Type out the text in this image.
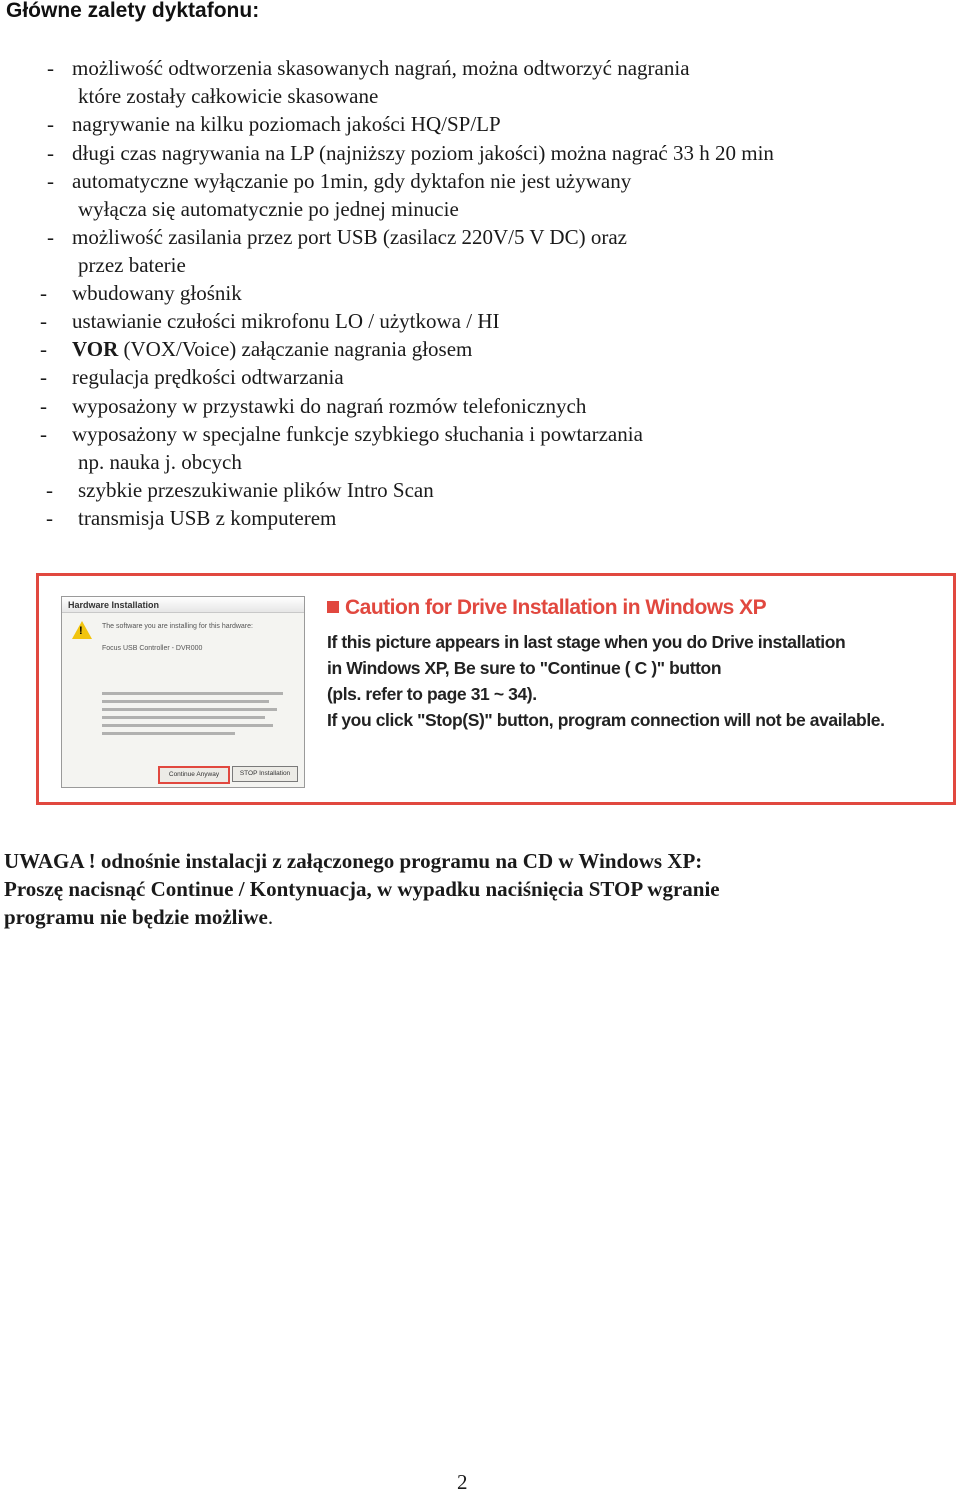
Główne zalety dyktafonu:
- możliwość odtworzenia skasowanych nagrań, można odtworzyć nagrania
które zostały całkowicie skasowane
- nagrywanie na kilku poziomach jakości HQ/SP/LP
- długi czas nagrywania na LP (najniższy poziom jakości) można nagrać 33 h 20 min
- automatyczne wyłączanie po 1min, gdy dyktafon nie jest używany
wyłącza się automatycznie po jednej minucie
- możliwość zasilania przez port USB (zasilacz 220V/5 V DC) oraz
przez baterie
- wbudowany głośnik
- ustawianie czułości mikrofonu LO / użytkowa / HI
- VOR (VOX/Voice) załączanie nagrania głosem
- regulacja prędkości odtwarzania
- wyposażony w przystawki do nagrań rozmów telefonicznych
- wyposażony w specjalne funkcje szybkiego słuchania i powtarzania
np. nauka j. obcych
- szybkie przeszukiwanie plików Intro Scan
- transmisja USB z komputerem
Hardware Installation
!	The software you are installing for this hardware:
Focus USB Controller - DVR000
Continue Anyway	STOP Installation
Caution for Drive Installation in Windows XP
If this picture appears in last stage when you do Drive installation
in Windows XP, Be sure to "Continue ( C )" button
(pls. refer to page 31 ~ 34).
If you click "Stop(S)" button, program connection will not be available.
UWAGA ! odnośnie instalacji z załączonego programu na CD w Windows XP:
Proszę nacisnąć Continue / Kontynuacja, w wypadku naciśnięcia STOP wgranie
programu nie będzie możliwe.
2
